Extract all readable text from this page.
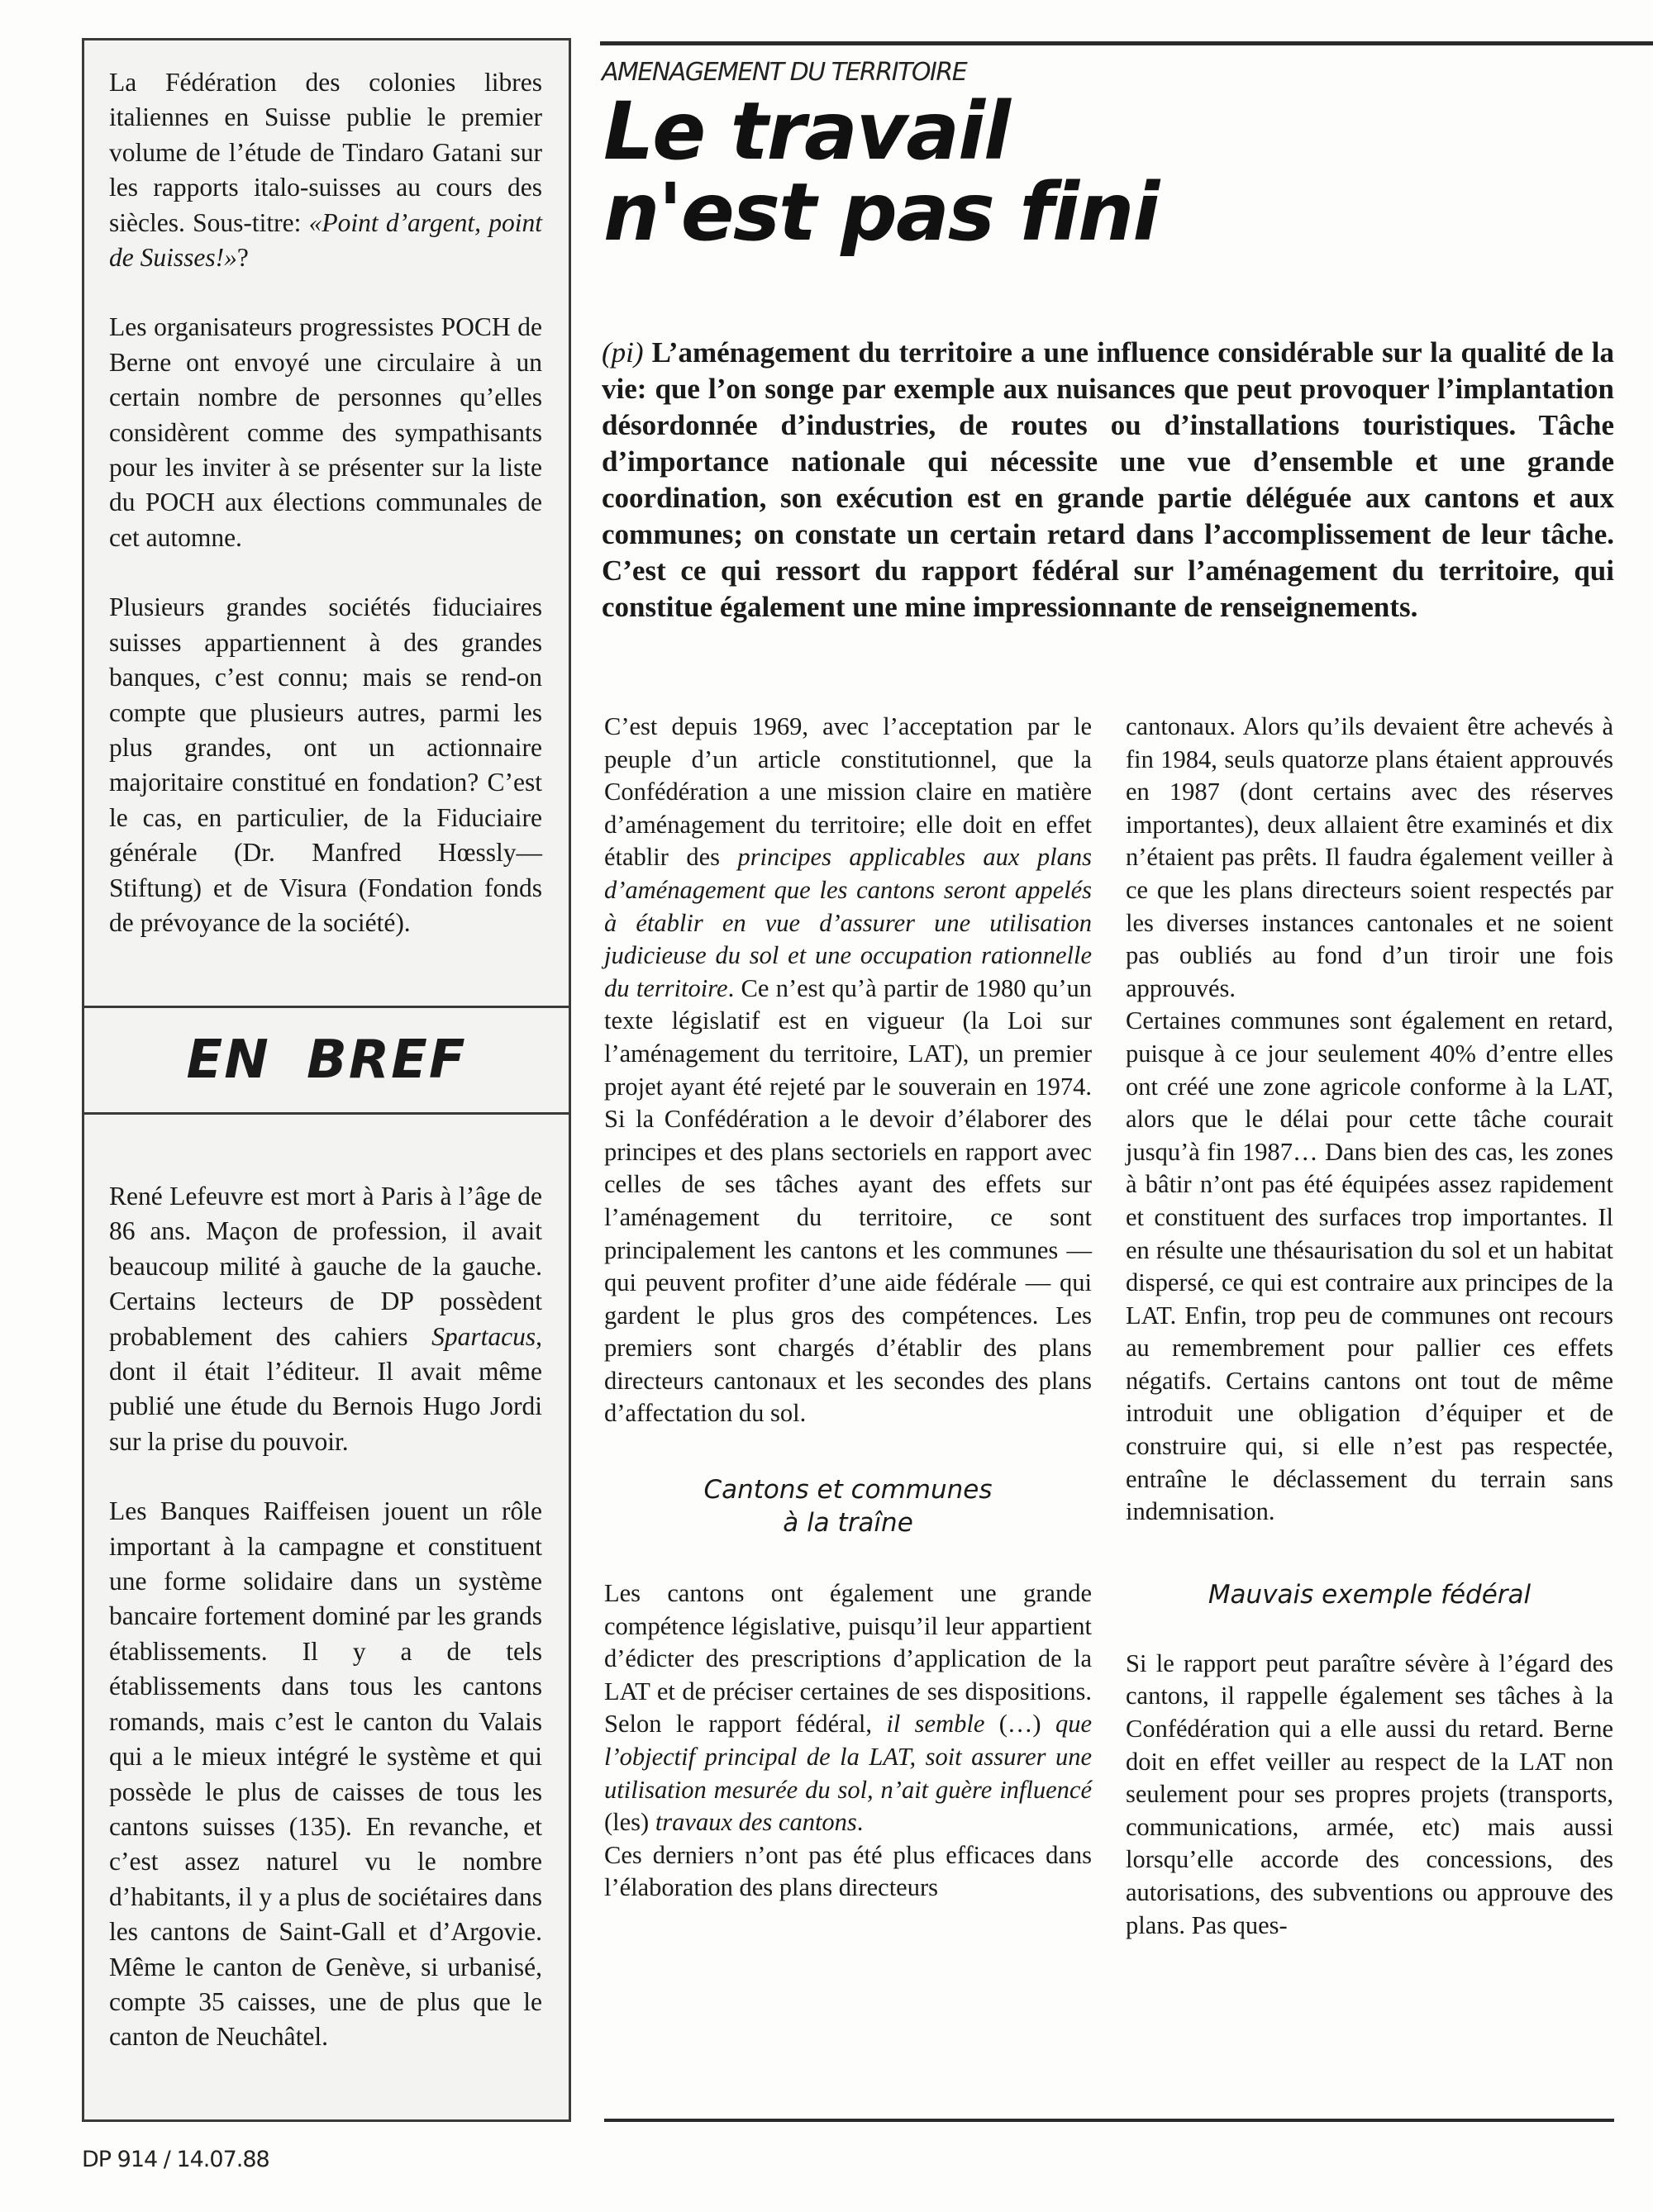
La Fédération des colonies libres italiennes en Suisse publie le premier volume de l’étude de Tindaro Gatani sur les rapports italo-suisses au cours des siècles. Sous-titre: «Point d’argent, point de Suisses!»?

Les organisateurs progressistes POCH de Berne ont envoyé une circulaire à un certain nombre de personnes qu’elles considèrent comme des sympathisants pour les inviter à se présenter sur la liste du POCH aux élections communales de cet automne.

Plusieurs grandes sociétés fiduciaires suisses appartiennent à des grandes banques, c’est connu; mais se rend-on compte que plusieurs autres, parmi les plus grandes, ont un actionnaire majoritaire constitué en fondation? C’est le cas, en particulier, de la Fiduciaire générale (Dr. Manfred Hœssly—Stiftung) et de Visura (Fondation fonds de prévoyance de la société).

EN BREF

René Lefeuvre est mort à Paris à l’âge de 86 ans. Maçon de profession, il avait beaucoup milité à gauche de la gauche. Certains lecteurs de DP possèdent probablement des cahiers Spartacus, dont il était l’éditeur. Il avait même publié une étude du Bernois Hugo Jordi sur la prise du pouvoir.

Les Banques Raiffeisen jouent un rôle important à la campagne et constituent une forme solidaire dans un système bancaire fortement dominé par les grands établissements. Il y a de tels établissements dans tous les cantons romands, mais c’est le canton du Valais qui a le mieux intégré le système et qui possède le plus de caisses de tous les cantons suisses (135). En revanche, et c’est assez naturel vu le nombre d’habitants, il y a plus de sociétaires dans les cantons de Saint-Gall et d’Argovie. Même le canton de Genève, si urbanisé, compte 35 caisses, une de plus que le canton de Neuchâtel.

DP 914 / 14.07.88
AMENAGEMENT DU TERRITOIRE
Le travail
n'est pas fini

(pi) L’aménagement du territoire a une influence considérable sur la qualité de la vie: que l’on songe par exemple aux nuisances que peut provoquer l’implantation désordonnée d’industries, de routes ou d’installations touristiques. Tâche d’importance nationale qui nécessite une vue d’ensemble et une grande coordination, son exécution est en grande partie déléguée aux cantons et aux communes; on constate un certain retard dans l’accomplissement de leur tâche. C’est ce qui ressort du rapport fédéral sur l’aménagement du territoire, qui constitue également une mine impressionnante de renseignements.

C’est depuis 1969, avec l’acceptation par le peuple d’un article constitutionnel, que la Confédération a une mission claire en matière d’aménagement du territoire; elle doit en effet établir des principes applicables aux plans d’aménagement que les cantons seront appelés à établir en vue d’assurer une utilisation judicieuse du sol et une occupation rationnelle du territoire. Ce n’est qu’à partir de 1980 qu’un texte législatif est en vigueur (la Loi sur l’aménagement du territoire, LAT), un premier projet ayant été rejeté par le souverain en 1974. Si la Confédération a le devoir d’élaborer des principes et des plans sectoriels en rapport avec celles de ses tâches ayant des effets sur l’aménagement du territoire, ce sont principalement les cantons et les communes — qui peuvent profiter d’une aide fédérale — qui gardent le plus gros des compétences. Les premiers sont chargés d’établir des plans directeurs cantonaux et les secondes des plans d’affectation du sol.

Cantons et communes
à la traîne

Les cantons ont également une grande compétence législative, puisqu’il leur appartient d’édicter des prescriptions d’application de la LAT et de préciser certaines de ses dispositions. Selon le rapport fédéral, il semble (…) que l’objectif principal de la LAT, soit assurer une utilisation mesurée du sol, n’ait guère influencé (les) travaux des cantons.

Ces derniers n’ont pas été plus efficaces dans l’élaboration des plans directeurs

cantonaux. Alors qu’ils devaient être achevés à fin 1984, seuls quatorze plans étaient approuvés en 1987 (dont certains avec des réserves importantes), deux allaient être examinés et dix n’étaient pas prêts. Il faudra également veiller à ce que les plans directeurs soient respectés par les diverses instances cantonales et ne soient pas oubliés au fond d’un tiroir une fois approuvés.

Certaines communes sont également en retard, puisque à ce jour seulement 40% d’entre elles ont créé une zone agricole conforme à la LAT, alors que le délai pour cette tâche courait jusqu’à fin 1987… Dans bien des cas, les zones à bâtir n’ont pas été équipées assez rapidement et constituent des surfaces trop importantes. Il en résulte une thésaurisation du sol et un habitat dispersé, ce qui est contraire aux principes de la LAT. Enfin, trop peu de communes ont recours au remembrement pour pallier ces effets négatifs. Certains cantons ont tout de même introduit une obligation d’équiper et de construire qui, si elle n’est pas respectée, entraîne le déclassement du terrain sans indemnisation.

Mauvais exemple fédéral

Si le rapport peut paraître sévère à l’égard des cantons, il rappelle également ses tâches à la Confédération qui a elle aussi du retard. Berne doit en effet veiller au respect de la LAT non seulement pour ses propres projets (transports, communications, armée, etc) mais aussi lorsqu’elle accorde des concessions, des autorisations, des subventions ou approuve des plans. Pas ques-
